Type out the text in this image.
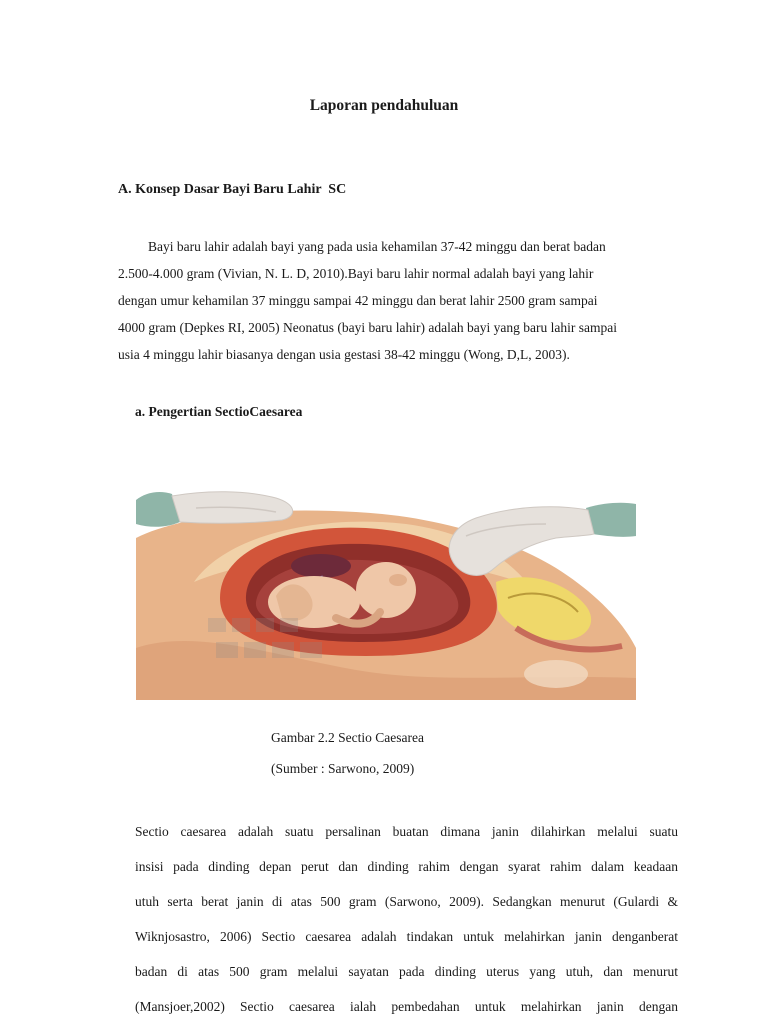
Laporan pendahuluan
A. Konsep Dasar Bayi Baru Lahir  SC
Bayi baru lahir adalah bayi yang pada usia kehamilan 37-42 minggu dan berat badan
2.500-4.000 gram (Vivian, N. L. D, 2010).Bayi baru lahir normal adalah bayi yang lahir
dengan umur kehamilan 37 minggu sampai 42 minggu dan berat lahir 2500 gram sampai
4000 gram (Depkes RI, 2005) Neonatus (bayi baru lahir) adalah bayi yang baru lahir sampai
usia 4 minggu lahir biasanya dengan usia gestasi 38-42 minggu (Wong, D,L, 2003).
a. Pengertian SectioCaesarea
Gambar 2.2 Sectio Caesarea
(Sumber : Sarwono, 2009)
Sectio caesarea adalah suatu persalinan buatan dimana janin dilahirkan melalui suatu
insisi pada dinding depan perut dan dinding rahim dengan syarat rahim dalam keadaan
utuh serta berat janin di atas 500 gram (Sarwono, 2009). Sedangkan menurut (Gulardi &
Wiknjosastro, 2006) Sectio caesarea adalah tindakan untuk melahirkan janin denganberat
badan di atas 500 gram melalui sayatan pada dinding uterus yang utuh, dan menurut
(Mansjoer,2002) Sectio caesarea ialah pembedahan untuk melahirkan janin dengan
